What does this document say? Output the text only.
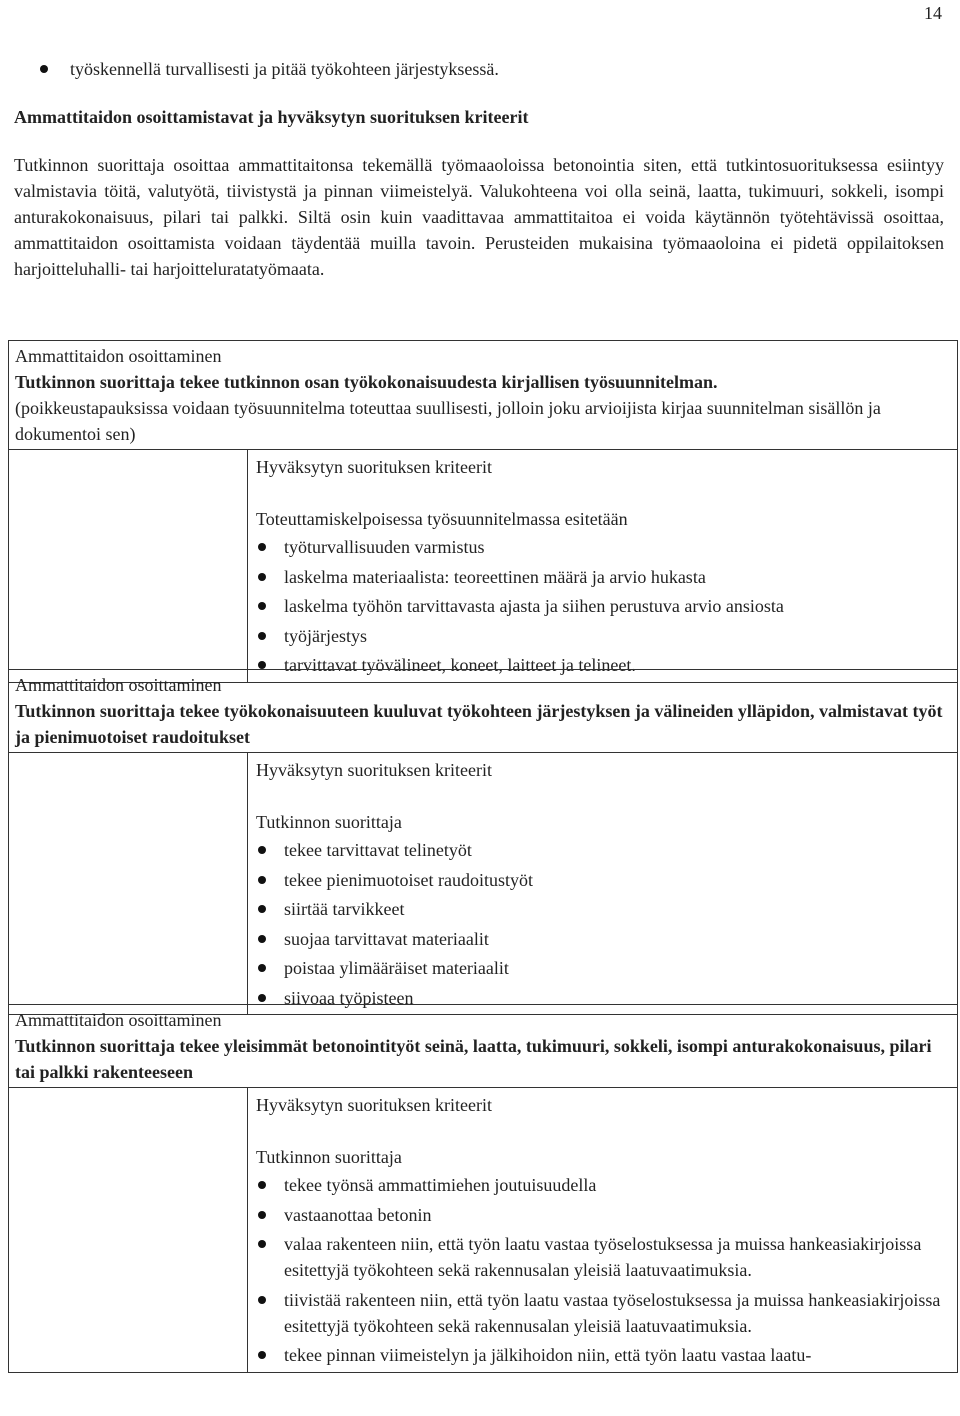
14
työskennellä turvallisesti ja pitää työkohteen järjestyksessä.
Ammattitaidon osoittamistavat ja hyväksytyn suorituksen kriteerit

Tutkinnon suorittaja osoittaa ammattitaitonsa tekemällä työmaaoloissa betonointia siten, että tutkintosuorituksessa esiintyy valmistavia töitä, valutyötä, tiivistystä ja pinnan viimeistelyä. Valukohteena voi olla seinä, laatta, tukimuuri, sokkeli, isompi anturakokonaisuus, pilari tai palkki. Siltä osin kuin vaadittavaa ammattitaitoa ei voida käytännön työtehtävissä osoittaa, ammattitaidon osoittamista voidaan täydentää muilla tavoin. Perusteiden mukaisina työmaaoloina ei pidetä oppilaitoksen harjoitteluhalli- tai harjoitteluratatyömaata.

Ammattitaidon osoittaminen
Tutkinnon suorittaja tekee tutkinnon osan työkokonaisuudesta kirjallisen työsuunnitelman.
(poikkeustapauksissa voidaan työsuunnitelma toteuttaa suullisesti, jolloin joku arvioijista kirjaa suunnitelman sisällön ja dokumentoi sen)

Hyväksytyn suorituksen kriteerit
Toteuttamiskelpoisessa työsuunnitelmassa esitetään
työturvallisuuden varmistus
laskelma materiaalista: teoreettinen määrä ja arvio hukasta
laskelma työhön tarvittavasta ajasta ja siihen perustuva arvio ansiosta
työjärjestys
tarvittavat työvälineet, koneet, laitteet ja telineet.
Ammattitaidon osoittaminen
Tutkinnon suorittaja tekee työkokonaisuuteen kuuluvat työkohteen järjestyksen ja välineiden ylläpidon, valmistavat työt ja pienimuotoiset raudoitukset

Hyväksytyn suorituksen kriteerit
Tutkinnon suorittaja
tekee tarvittavat telinetyöt
tekee pienimuotoiset raudoitustyöt
siirtää tarvikkeet
suojaa tarvittavat materiaalit
poistaa ylimääräiset materiaalit
siivoaa työpisteen
Ammattitaidon osoittaminen
Tutkinnon suorittaja tekee yleisimmät betonointityöt seinä, laatta, tukimuuri, sokkeli, isompi anturakokonaisuus, pilari tai palkki rakenteeseen

Hyväksytyn suorituksen kriteerit
Tutkinnon suorittaja
tekee työnsä ammattimiehen joutuisuudella
vastaanottaa betonin
valaa rakenteen niin, että työn laatu vastaa työselostuksessa ja muissa hankeasiakirjoissa esitettyjä työkohteen sekä rakennusalan yleisiä laatuvaatimuksia.
tiivistää rakenteen niin, että työn laatu vastaa työselostuksessa ja muissa hankeasiakirjoissa esitettyjä työkohteen sekä rakennusalan yleisiä laatuvaatimuksia.
tekee pinnan viimeistelyn ja jälkihoidon niin, että työn laatu vastaa laatu-
